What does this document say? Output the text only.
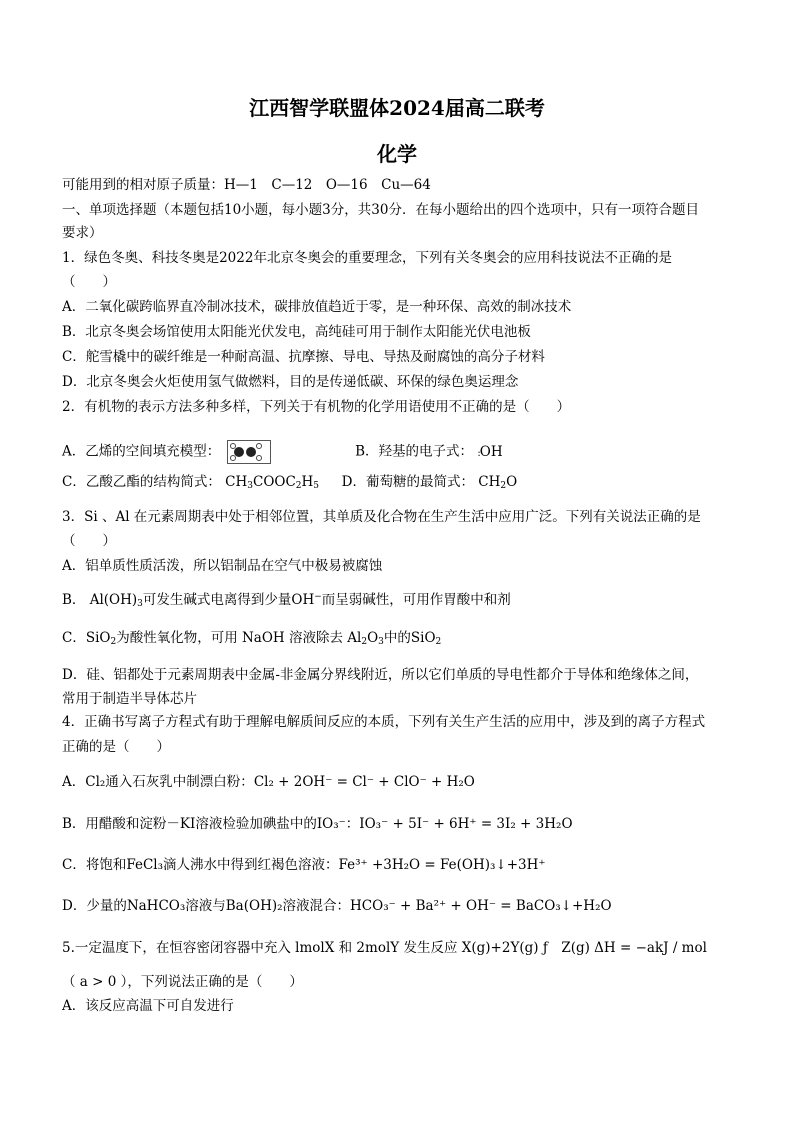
江西智学联盟体2024届高二联考
化学
可能用到的相对原子质量：H—1　C—12　O—16　Cu—64
一、单项选择题（本题包括10小题，每小题3分，共30分．在每小题给出的四个选项中，只有一项符合题目
要求）
1．绿色冬奥、科技冬奥是2022年北京冬奥会的重要理念，下列有关冬奥会的应用科技说法不正确的是
（　　）
A．二氧化碳跨临界直冷制冰技术，碳排放值趋近于零，是一种环保、高效的制冰技术
B．北京冬奥会场馆使用太阳能光伏发电，高纯硅可用于制作太阳能光伏电池板
C．舵雪橇中的碳纤维是一种耐高温、抗摩擦、导电、导热及耐腐蚀的高分子材料
D．北京冬奥会火炬使用氢气做燃料，目的是传递低碳、环保的绿色奥运理念
2．有机物的表示方法多种多样，下列关于有机物的化学用语使用不正确的是（　　）
A．乙烯的空间填充模型：	B．羟基的电子式： :OH
C．乙酸乙酯的结构简式： $CH_3COOC_2H_5$ D．葡萄糖的最简式： $CH_2O$
3．Si 、Al 在元素周期表中处于相邻位置，其单质及化合物在生产生活中应用广泛。下列有关说法正确的是
（　　）
A．铝单质性质活泼，所以铝制品在空气中极易被腐蚀
B． $Al(OH)_3$可发生碱式电离得到少量OH−而呈弱碱性，可用作胃酸中和剂
C．SiO$_2$为酸性氧化物，可用 NaOH 溶液除去 $Al_2O_3$中的SiO$_2$
D．硅、铝都处于元素周期表中金属-非金属分界线附近，所以它们单质的导电性都介于导体和绝缘体之间，
常用于制造半导体芯片
4．正确书写离子方程式有助于理解电解质间反应的本质，下列有关生产生活的应用中，涉及到的离子方程式
正确的是（　　）
A．Cl₂通入石灰乳中制漂白粉：Cl₂ + 2OH⁻ = Cl⁻ + ClO⁻ + H₂O
B．用醋酸和淀粉－KI溶液检验加碘盐中的IO₃⁻：IO₃⁻ + 5I⁻ + 6H⁺ = 3I₂ + 3H₂O
C．将饱和FeCl₃滴人沸水中得到红褐色溶液：Fe³⁺ +3H₂O = Fe(OH)₃↓+3H⁺
D．少量的NaHCO₃溶液与Ba(OH)₂溶液混合：HCO₃⁻ + Ba²⁺ + OH⁻ = BaCO₃↓+H₂O
5.一定温度下，在恒容密闭容器中充入 lmolX 和 2molY 发生反应 X(g)+2Y(g) ƒ　Z(g) ΔH = −akJ / mol
（ a > 0 ），下列说法正确的是（　　）
A．该反应高温下可自发进行
